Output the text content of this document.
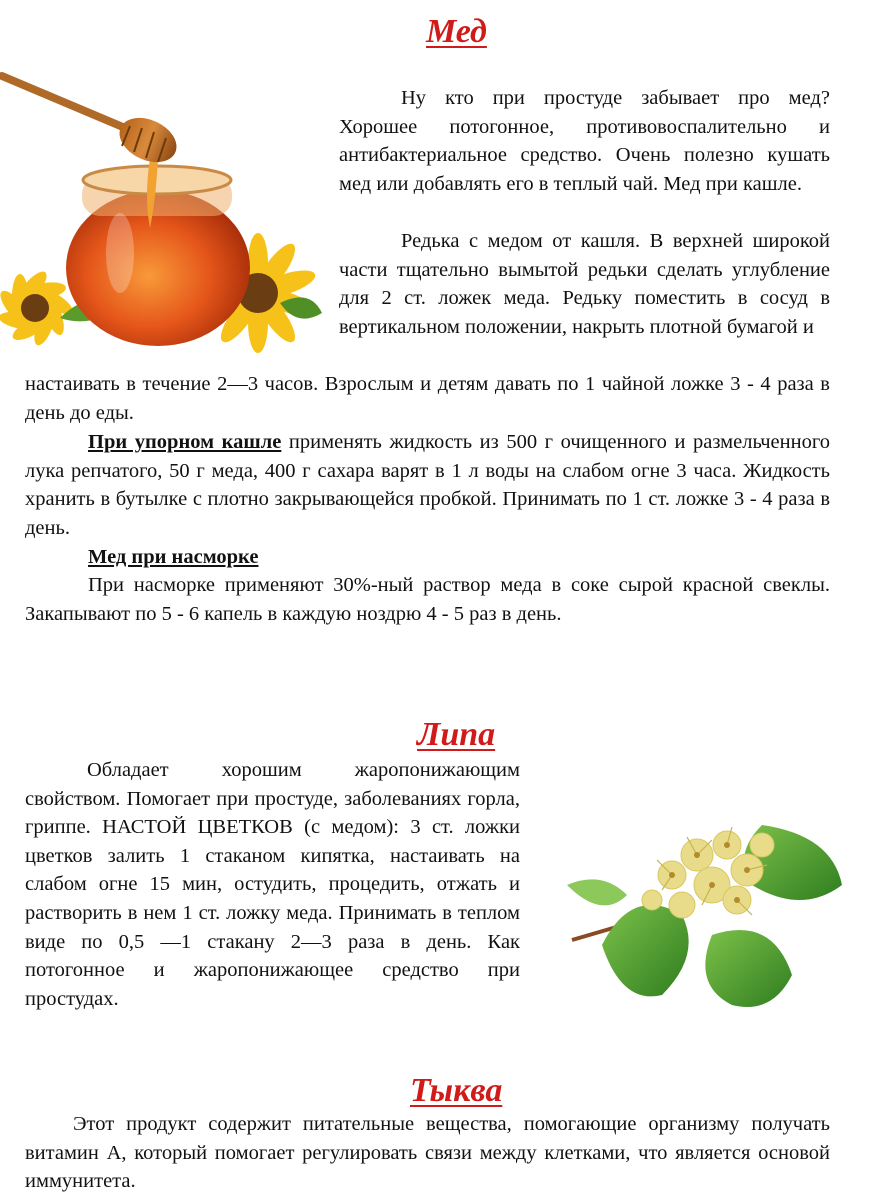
Мед

Ну кто при простуде забывает про мед? Хорошее потогонное, противовоспалительно и антибактериальное средство. Очень полезно кушать мед или добавлять его в теплый чай. Мед при кашле.

Редька с медом от кашля. В верхней широкой части тщательно вымытой редьки сделать углубление для 2 ст. ложек меда. Редьку поместить в сосуд в вертикальном положении, накрыть плотной бумагой и

настаивать в течение 2—3 часов. Взрослым и детям давать по 1 чайной ложке 3 - 4 раза в день до еды.

При упорном кашле применять жидкость из 500 г очищенного и размельченного лука репчатого, 50 г меда, 400 г сахара варят в 1 л воды на слабом огне 3 часа. Жидкость хранить в бутылке с плотно закрывающейся пробкой. Принимать по 1 ст. ложке 3 - 4 раза в день.

Мед при насморке

При насморке применяют 30%-ный раствор меда в соке сырой красной свеклы. Закапывают по 5 - 6 капель в каждую ноздрю 4 - 5 раз в день.

Липа

Обладает хорошим жаропонижающим свойством. Помогает при простуде, заболеваниях горла, гриппе. НАСТОЙ ЦВЕТКОВ (с медом): 3 ст. ложки цветков залить 1 стаканом кипятка, настаивать на слабом огне 15 мин, остудить, процедить, отжать и растворить в нем 1 ст. ложку меда. Принимать в теплом виде по 0,5 —1 стакану 2—3 раза в день. Как потогонное и жаропонижающее средство при простудах.

Тыква

Этот продукт содержит питательные вещества, помогающие организму получать витамин А, который помогает регулировать связи между клетками, что является основой иммунитета.
